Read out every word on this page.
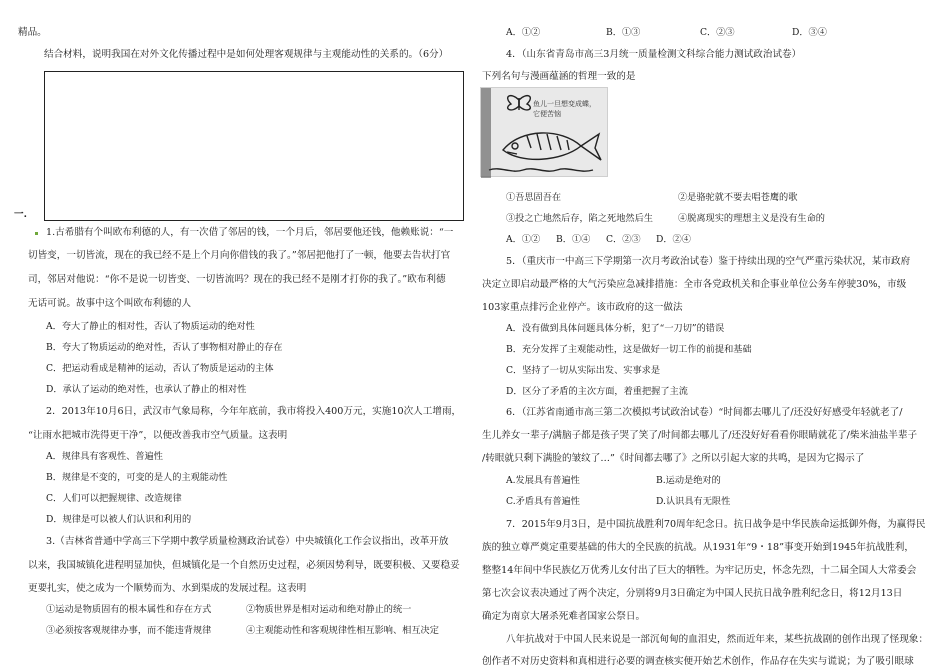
精品。
结合材料，说明我国在对外文化传播过程中是如何处理客观规律与主观能动性的关系的。（6分）
一.
1.古希腊有个叫欧布利德的人，有一次借了邻居的钱，一个月后，邻居要他还钱，他赖账说：“一
切皆变，一切皆流，现在的我已经不是上个月向你借钱的我了。”邻居把他打了一顿，他要去告状打官
司，邻居对他说：“你不是说一切皆变、一切皆流吗？现在的我已经不是刚才打你的我了。”欧布利德
无话可说。故事中这个叫欧布利德的人
A．夸大了静止的相对性，否认了物质运动的绝对性
B．夸大了物质运动的绝对性，否认了事物相对静止的存在
C．把运动看成是精神的运动，否认了物质是运动的主体
D．承认了运动的绝对性，也承认了静止的相对性
2．2013年10月6日，武汉市气象局称，今年年底前，我市将投入400万元，实施10次人工增雨，
“让雨水把城市洗得更干净”，以便改善我市空气质量。这表明
A．规律具有客观性、普遍性
B．规律是不变的，可变的是人的主观能动性
C．人们可以把握规律、改造规律
D．规律是可以被人们认识和利用的
3.（吉林省普通中学高三下学期中教学质量检测政治试卷）中央城镇化工作会议指出，改革开放
以来，我国城镇化进程明显加快，但城镇化是一个自然历史过程，必须因势利导，既要积极、又要稳妥
更要扎实，使之成为一个顺势而为、水到渠成的发展过程。这表明
①运动是物质固有的根本属性和存在方式	②物质世界是相对运动和绝对静止的统一
③必须按客观规律办事，而不能违背规律	④主观能动性和客观规律性相互影响、相互决定
A．①②	B．①③	C．②③	D．③④
4．（山东省青岛市高三3月统一质量检测文科综合能力测试政治试卷）
下列名句与漫画蕴涵的哲理一致的是
鱼儿一旦想变成蝶，
它便苦恼
①吾思固吾在	②是骆驼就不要去唱苍鹰的歌
③投之亡地然后存，陷之死地然后生	④脱离现实的理想主义是没有生命的
A．①② B．①④ C．②③ D．②④
5．（重庆市一中高三下学期第一次月考政治试卷）鉴于持续出现的空气严重污染状况，某市政府
决定立即启动最严格的大气污染应急减排措施：全市各党政机关和企事业单位公务车停驶30%，市级
103家重点排污企业停产。该市政府的这一做法
A．没有做到具体问题具体分析，犯了“一刀切”的错误
B．充分发挥了主观能动性，这是做好一切工作的前提和基础
C．坚持了一切从实际出发、实事求是
D．区分了矛盾的主次方面，着重把握了主流
6．（江苏省南通市高三第二次模拟考试政治试卷）“时间都去哪儿了/还没好好感受年轻就老了/
生儿养女一辈子/满脑子都是孩子哭了笑了/时间都去哪儿了/还没好好看看你眼睛就花了/柴米油盐半辈子
/转眼就只剩下满脸的皱纹了…”《时间都去哪了》之所以引起大家的共鸣，是因为它揭示了
A.发展具有普遍性	B.运动是绝对的
C.矛盾具有普遍性	D.认识具有无限性
7．2015年9月3日，是中国抗战胜利70周年纪念日。抗日战争是中华民族命运抵御外侮，为赢得民
族的独立尊严奠定重要基础的伟大的全民族的抗战。从1931年“9・18”事变开始到1945年抗战胜利，
整整14年间中华民族亿万优秀儿女付出了巨大的牺牲。为牢记历史，怀念先烈，十二届全国人大常委会
第七次会议表决通过了两个决定，分别将9月3日确定为中国人民抗日战争胜利纪念日，将12月13日
确定为南京大屠杀死难者国家公祭日。
八年抗战对于中国人民来说是一部沉甸甸的血泪史，然而近年来，某些抗战剧的创作出现了怪现象：
创作者不对历史资料和真相进行必要的调查核实便开始艺术创作，作品存在失实与谎说；为了吸引眼球
